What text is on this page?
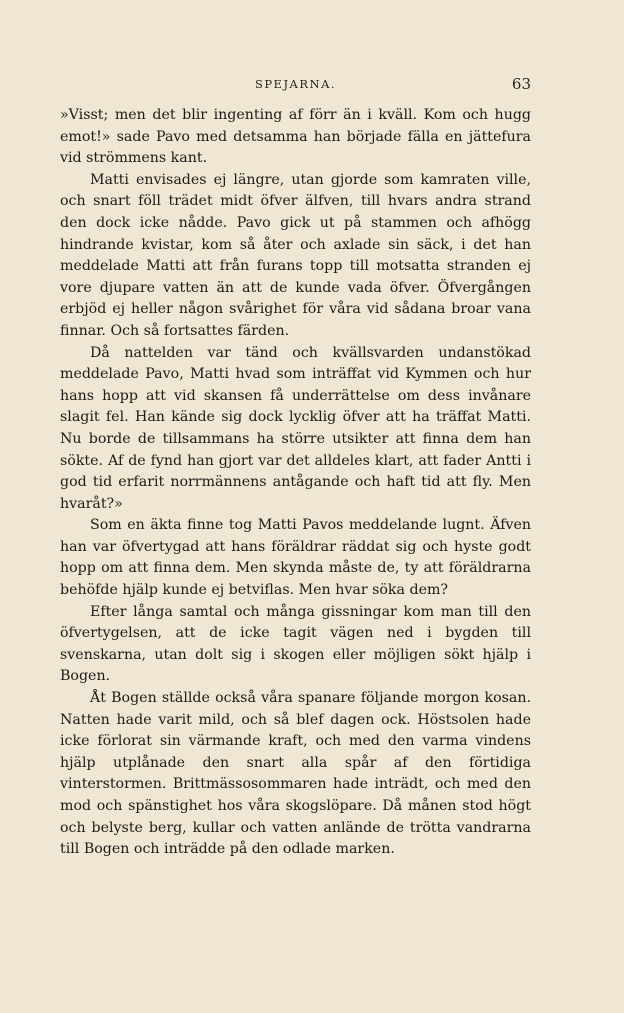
SPEJARNA.	63

»Visst; men det blir ingenting af förr än i kväll. Kom och hugg emot!» sade Pavo med detsamma han började fälla en jättefura vid strömmens kant.

Matti envisades ej längre, utan gjorde som kamraten ville, och snart föll trädet midt öfver älfven, till hvars andra strand den dock icke nådde. Pavo gick ut på stammen och afhögg hindrande kvistar, kom så åter och axlade sin säck, i det han meddelade Matti att från furans topp till motsatta stranden ej vore djupare vatten än att de kunde vada öfver. Öfvergången erbjöd ej heller någon svårighet för våra vid sådana broar vana finnar. Och så fortsattes färden.

Då nattelden var tänd och kvällsvarden undanstökad meddelade Pavo, Matti hvad som inträffat vid Kymmen och hur hans hopp att vid skansen få underrättelse om dess invånare slagit fel. Han kände sig dock lycklig öfver att ha träffat Matti. Nu borde de tillsammans ha större utsikter att finna dem han sökte. Af de fynd han gjort var det alldeles klart, att fader Antti i god tid erfarit norrmännens antågande och haft tid att fly. Men hvaråt?»

Som en äkta finne tog Matti Pavos meddelande lugnt. Äfven han var öfvertygad att hans föräldrar räddat sig och hyste godt hopp om att finna dem. Men skynda måste de, ty att föräldrarna behöfde hjälp kunde ej betviflas. Men hvar söka dem?

Efter långa samtal och många gissningar kom man till den öfvertygelsen, att de icke tagit vägen ned i bygden till svenskarna, utan dolt sig i skogen eller möjligen sökt hjälp i Bogen.

Åt Bogen ställde också våra spanare följande morgon kosan. Natten hade varit mild, och så blef dagen ock. Höstsolen hade icke förlorat sin värmande kraft, och med den varma vindens hjälp utplånade den snart alla spår af den förtidiga vinterstormen. Brittmässosommaren hade inträdt, och med den mod och spänstighet hos våra skogslöpare. Då månen stod högt och belyste berg, kullar och vatten anlände de trötta vandrarna till Bogen och inträdde på den odlade marken.
